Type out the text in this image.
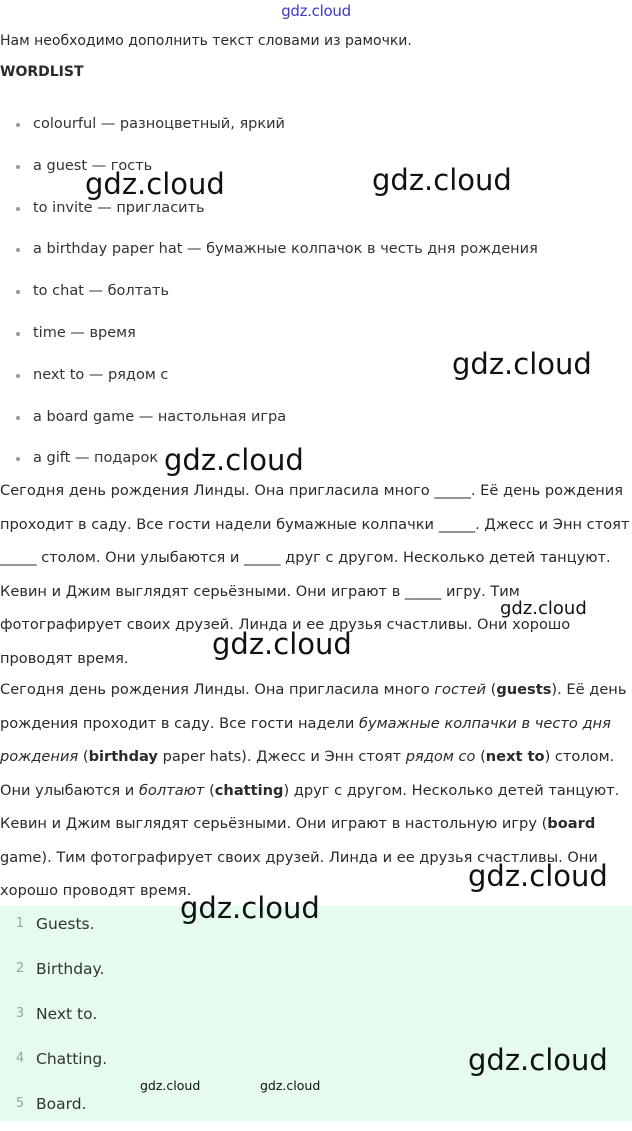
gdz.cloud
Нам необходимо дополнить текст словами из рамочки.
WORDLIST
colourful — разноцветный, яркий
a guest — гость
to invite — пригласить
a birthday paper hat — бумажные колпачок в честь дня рождения
to chat — болтать
time — время
next to — рядом с
a board game — настольная игра
a gift — подарок
Сегодня день рождения Линды. Она пригласила много _____. Её день рождения проходит в саду. Все гости надели бумажные колпачки _____. Джесс и Энн стоят _____ столом. Они улыбаются и _____ друг с другом. Несколько детей танцуют. Кевин и Джим выглядят серьёзными. Они играют в _____ игру. Тим фотографирует своих друзей. Линда и ее друзья счастливы. Они хорошо проводят время.
Сегодня день рождения Линды. Она пригласила много гостей (guests). Её день рождения проходит в саду. Все гости надели бумажные колпачки в често дня рождения (birthday paper hats). Джесс и Энн стоят рядом со (next to) столом. Они улыбаются и болтают (chatting) друг с другом. Несколько детей танцуют. Кевин и Джим выглядят серьёзными. Они играют в настольную игру (board game). Тим фотографирует своих друзей. Линда и ее друзья счастливы. Они хорошо проводят время.
1 Guests.
2 Birthday.
3 Next to.
4 Chatting.
5 Board.
gdz.cloud	gdz.cloud
gdz.cloud
gdz.cloud
gdz.cloud
gdz.cloud
gdz.cloud
gdz.cloud
gdz.cloud
gdz.cloud	gdz.cloud
